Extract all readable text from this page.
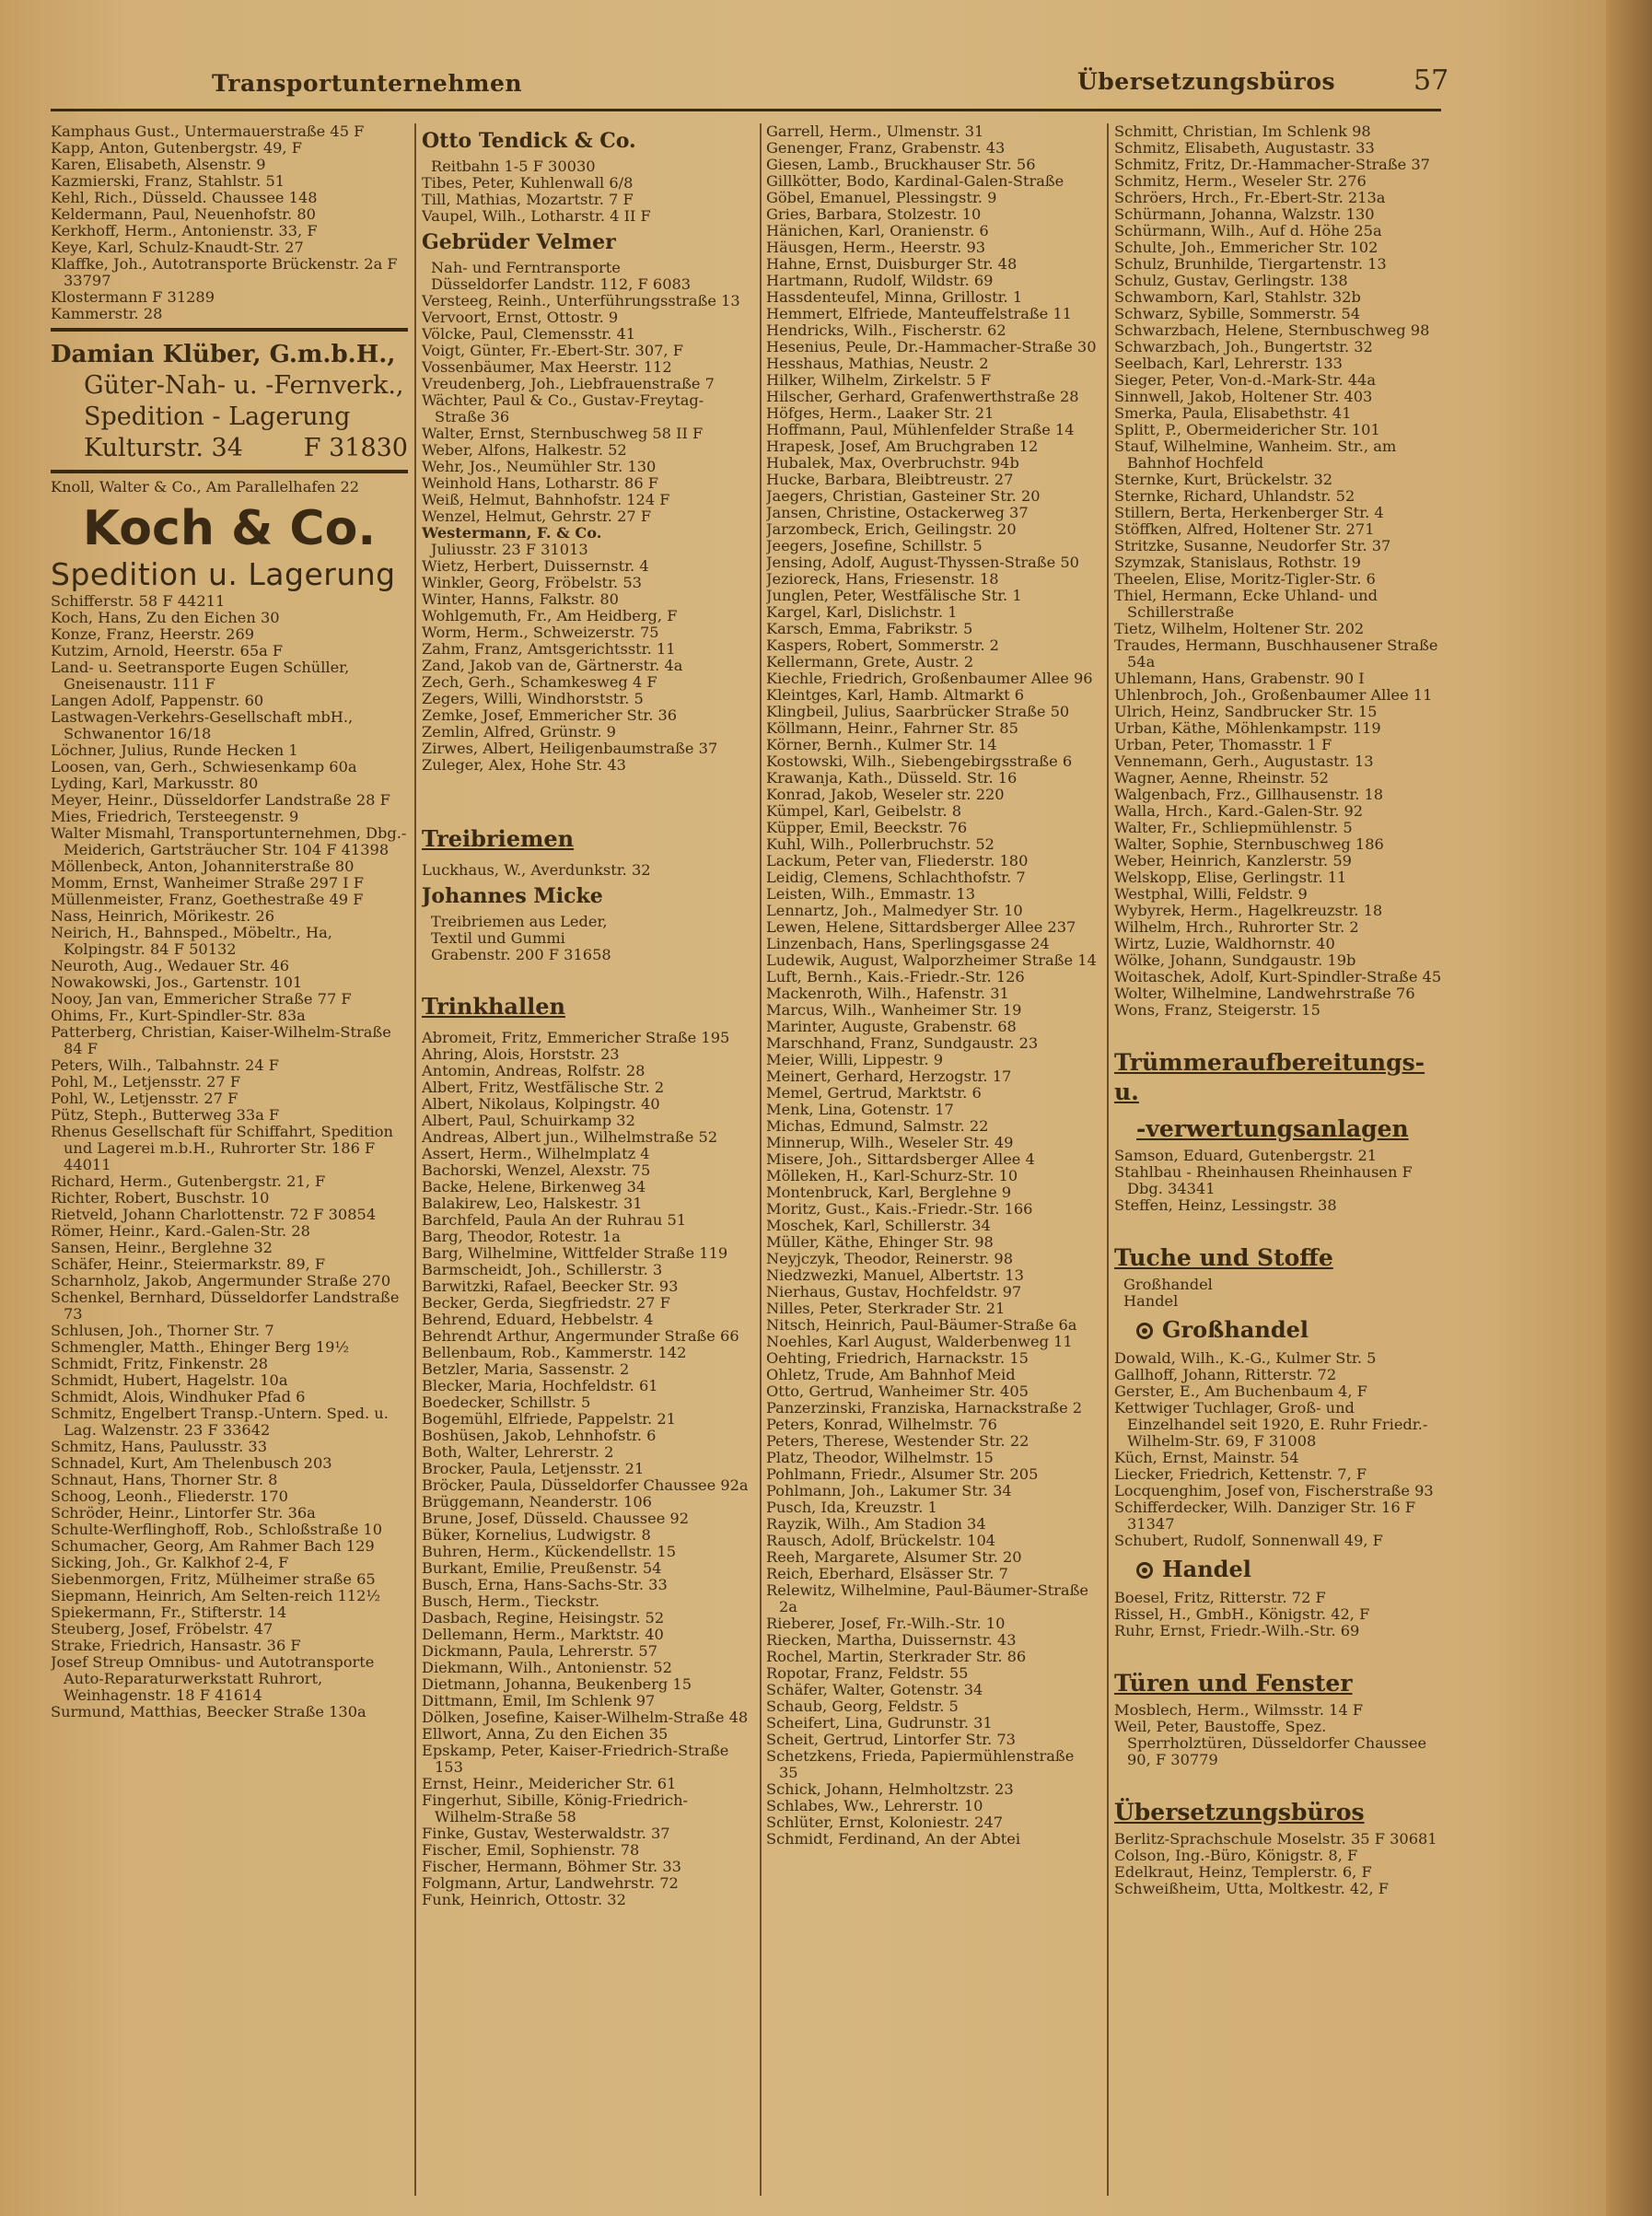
Transportunternehmen	Übersetzungsbüros	57
Kamphaus Gust., Untermauerstraße 45 F
Kapp, Anton, Gutenbergstr. 49, F
Karen, Elisabeth, Alsenstr. 9
Kazmierski, Franz, Stahlstr. 51
Kehl, Rich., Düsseld. Chaussee 148
Keldermann, Paul, Neuenhofstr. 80
Kerkhoff, Herm., Antonienstr. 33, F
Keye, Karl, Schulz-Knaudt-Str. 27
Klaffke, Joh., Autotransporte Brückenstr. 2a F 33797
Klostermann F 31289
Kammerstr. 28
Damian Klüber, G.m.b.H.,
Güter-Nah- u. -Fernverk.,
Spedition - Lagerung
Kulturstr. 34 F 31830
Knoll, Walter & Co., Am Parallelhafen 22
Koch & Co.
Spedition u. Lagerung
Schifferstr. 58 F 44211
Koch, Hans, Zu den Eichen 30
Konze, Franz, Heerstr. 269
Kutzim, Arnold, Heerstr. 65a F
Land- u. Seetransporte Eugen Schüller, Gneisenaustr. 111 F
Langen Adolf, Pappenstr. 60
Lastwagen-Verkehrs-Gesellschaft mbH., Schwanentor 16/18
Löchner, Julius, Runde Hecken 1
Loosen, van, Gerh., Schwiesenkamp 60a
Lyding, Karl, Markusstr. 80
Meyer, Heinr., Düsseldorfer Landstraße 28 F
Mies, Friedrich, Tersteegenstr. 9
Walter Mismahl, Transportunternehmen, Dbg.-Meiderich, Gartsträucher Str. 104 F 41398
Möllenbeck, Anton, Johanniterstraße 80
Momm, Ernst, Wanheimer Straße 297 I F
Müllenmeister, Franz, Goethestraße 49 F
Nass, Heinrich, Mörikestr. 26
Neirich, H., Bahnsped., Möbeltr., Ha, Kolpingstr. 84 F 50132
Neuroth, Aug., Wedauer Str. 46
Nowakowski, Jos., Gartenstr. 101
Nooy, Jan van, Emmericher Straße 77 F
Ohims, Fr., Kurt-Spindler-Str. 83a
Patterberg, Christian, Kaiser-Wilhelm-Straße 84 F
Peters, Wilh., Talbahnstr. 24 F
Pohl, M., Letjensstr. 27 F
Pohl, W., Letjensstr. 27 F
Pütz, Steph., Butterweg 33a F
Rhenus Gesellschaft für Schiffahrt, Spedition und Lagerei m.b.H., Ruhrorter Str. 186 F 44011
Richard, Herm., Gutenbergstr. 21, F
Richter, Robert, Buschstr. 10
Rietveld, Johann Charlottenstr. 72 F 30854
Römer, Heinr., Kard.-Galen-Str. 28
Sansen, Heinr., Berglehne 32
Schäfer, Heinr., Steiermarkstr. 89, F
Scharnholz, Jakob, Angermunder Straße 270
Schenkel, Bernhard, Düsseldorfer Landstraße 73
Schlusen, Joh., Thorner Str. 7
Schmengler, Matth., Ehinger Berg 19½
Schmidt, Fritz, Finkenstr. 28
Schmidt, Hubert, Hagelstr. 10a
Schmidt, Alois, Windhuker Pfad 6
Schmitz, Engelbert Transp.-Untern. Sped. u. Lag. Walzenstr. 23 F 33642
Schmitz, Hans, Paulusstr. 33
Schnadel, Kurt, Am Thelenbusch 203
Schnaut, Hans, Thorner Str. 8
Schoog, Leonh., Fliederstr. 170
Schröder, Heinr., Lintorfer Str. 36a
Schulte-Werflinghoff, Rob., Schloßstraße 10
Schumacher, Georg, Am Rahmer Bach 129
Sicking, Joh., Gr. Kalkhof 2-4, F
Siebenmorgen, Fritz, Mülheimer straße 65
Siepmann, Heinrich, Am Selten-reich 112½
Spiekermann, Fr., Stifterstr. 14
Steuberg, Josef, Fröbelstr. 47
Strake, Friedrich, Hansastr. 36 F
Josef Streup Omnibus- und Autotransporte Auto-Reparaturwerkstatt Ruhrort, Weinhagenstr. 18 F 41614
Surmund, Matthias, Beecker Straße 130a
Otto Tendick & Co.
Reitbahn 1-5 F 30030
Tibes, Peter, Kuhlenwall 6/8
Till, Mathias, Mozartstr. 7 F
Vaupel, Wilh., Lotharstr. 4 II F
Gebrüder Velmer
Nah- und Ferntransporte
Düsseldorfer Landstr. 112, F 6083
Versteeg, Reinh., Unterführungsstraße 13
Vervoort, Ernst, Ottostr. 9
Völcke, Paul, Clemensstr. 41
Voigt, Günter, Fr.-Ebert-Str. 307, F
Vossenbäumer, Max Heerstr. 112
Vreudenberg, Joh., Liebfrauenstraße 7
Wächter, Paul & Co., Gustav-Freytag-Straße 36
Walter, Ernst, Sternbuschweg 58 II F
Weber, Alfons, Halkestr. 52
Wehr, Jos., Neumühler Str. 130
Weinhold Hans, Lotharstr. 86 F
Weiß, Helmut, Bahnhofstr. 124 F
Wenzel, Helmut, Gehrstr. 27 F
Westermann, F. & Co.
Juliusstr. 23 F 31013
Wietz, Herbert, Duissernstr. 4
Winkler, Georg, Fröbelstr. 53
Winter, Hanns, Falkstr. 80
Wohlgemuth, Fr., Am Heidberg, F
Worm, Herm., Schweizerstr. 75
Zahm, Franz, Amtsgerichtsstr. 11
Zand, Jakob van de, Gärtnerstr. 4a
Zech, Gerh., Schamkesweg 4 F
Zegers, Willi, Windhorststr. 5
Zemke, Josef, Emmericher Str. 36
Zemlin, Alfred, Grünstr. 9
Zirwes, Albert, Heiligenbaumstraße 37
Zuleger, Alex, Hohe Str. 43
Treibriemen
Luckhaus, W., Averdunkstr. 32
Johannes Micke
Treibriemen aus Leder,
Textil und Gummi
Grabenstr. 200 F 31658
Trinkhallen
Abromeit, Fritz, Emmericher Straße 195
Ahring, Alois, Horststr. 23
Antomin, Andreas, Rolfstr. 28
Albert, Fritz, Westfälische Str. 2
Albert, Nikolaus, Kolpingstr. 40
Albert, Paul, Schuirkamp 32
Andreas, Albert jun., Wilhelmstraße 52
Assert, Herm., Wilhelmplatz 4
Bachorski, Wenzel, Alexstr. 75
Backe, Helene, Birkenweg 34
Balakirew, Leo, Halskestr. 31
Barchfeld, Paula An der Ruhrau 51
Barg, Theodor, Rotestr. 1a
Barg, Wilhelmine, Wittfelder Straße 119
Barmscheidt, Joh., Schillerstr. 3
Barwitzki, Rafael, Beecker Str. 93
Becker, Gerda, Siegfriedstr. 27 F
Behrend, Eduard, Hebbelstr. 4
Behrendt Arthur, Angermunder Straße 66
Bellenbaum, Rob., Kammerstr. 142
Betzler, Maria, Sassenstr. 2
Blecker, Maria, Hochfeldstr. 61
Boedecker, Schillstr. 5
Bogemühl, Elfriede, Pappelstr. 21
Boshüsen, Jakob, Lehnhofstr. 6
Both, Walter, Lehrerstr. 2
Brocker, Paula, Letjensstr. 21
Bröcker, Paula, Düsseldorfer Chaussee 92a
Brüggemann, Neanderstr. 106
Brune, Josef, Düsseld. Chaussee 92
Büker, Kornelius, Ludwigstr. 8
Buhren, Herm., Kückendellstr. 15
Burkant, Emilie, Preußenstr. 54
Busch, Erna, Hans-Sachs-Str. 33
Busch, Herm., Tieckstr.
Dasbach, Regine, Heisingstr. 52
Dellemann, Herm., Marktstr. 40
Dickmann, Paula, Lehrerstr. 57
Diekmann, Wilh., Antonienstr. 52
Dietmann, Johanna, Beukenberg 15
Dittmann, Emil, Im Schlenk 97
Dölken, Josefine, Kaiser-Wilhelm-Straße 48
Ellwort, Anna, Zu den Eichen 35
Epskamp, Peter, Kaiser-Friedrich-Straße 153
Ernst, Heinr., Meidericher Str. 61
Fingerhut, Sibille, König-Friedrich-Wilhelm-Straße 58
Finke, Gustav, Westerwaldstr. 37
Fischer, Emil, Sophienstr. 78
Fischer, Hermann, Böhmer Str. 33
Folgmann, Artur, Landwehrstr. 72
Funk, Heinrich, Ottostr. 32
Garrell, Herm., Ulmenstr. 31
Genenger, Franz, Grabenstr. 43
Giesen, Lamb., Bruckhauser Str. 56
Gillkötter, Bodo, Kardinal-Galen-Straße
Göbel, Emanuel, Plessingstr. 9
Gries, Barbara, Stolzestr. 10
Hänichen, Karl, Oranienstr. 6
Häusgen, Herm., Heerstr. 93
Hahne, Ernst, Duisburger Str. 48
Hartmann, Rudolf, Wildstr. 69
Hassdenteufel, Minna, Grillostr. 1
Hemmert, Elfriede, Manteuffelstraße 11
Hendricks, Wilh., Fischerstr. 62
Hesenius, Peule, Dr.-Hammacher-Straße 30
Hesshaus, Mathias, Neustr. 2
Hilker, Wilhelm, Zirkelstr. 5 F
Hilscher, Gerhard, Grafenwerthstraße 28
Höfges, Herm., Laaker Str. 21
Hoffmann, Paul, Mühlenfelder Straße 14
Hrapesk, Josef, Am Bruchgraben 12
Hubalek, Max, Overbruchstr. 94b
Hucke, Barbara, Bleibtreustr. 27
Jaegers, Christian, Gasteiner Str. 20
Jansen, Christine, Ostackerweg 37
Jarzombeck, Erich, Geilingstr. 20
Jeegers, Josefine, Schillstr. 5
Jensing, Adolf, August-Thyssen-Straße 50
Jezioreck, Hans, Friesenstr. 18
Junglen, Peter, Westfälische Str. 1
Kargel, Karl, Dislichstr. 1
Karsch, Emma, Fabrikstr. 5
Kaspers, Robert, Sommerstr. 2
Kellermann, Grete, Austr. 2
Kiechle, Friedrich, Großenbaumer Allee 96
Kleintges, Karl, Hamb. Altmarkt 6
Klingbeil, Julius, Saarbrücker Straße 50
Köllmann, Heinr., Fahrner Str. 85
Körner, Bernh., Kulmer Str. 14
Kostowski, Wilh., Siebengebirgsstraße 6
Krawanja, Kath., Düsseld. Str. 16
Konrad, Jakob, Weseler str. 220
Kümpel, Karl, Geibelstr. 8
Küpper, Emil, Beeckstr. 76
Kuhl, Wilh., Pollerbruchstr. 52
Lackum, Peter van, Fliederstr. 180
Leidig, Clemens, Schlachthofstr. 7
Leisten, Wilh., Emmastr. 13
Lennartz, Joh., Malmedyer Str. 10
Lewen, Helene, Sittardsberger Allee 237
Linzenbach, Hans, Sperlingsgasse 24
Ludewik, August, Walporzheimer Straße 14
Luft, Bernh., Kais.-Friedr.-Str. 126
Mackenroth, Wilh., Hafenstr. 31
Marcus, Wilh., Wanheimer Str. 19
Marinter, Auguste, Grabenstr. 68
Marschhand, Franz, Sundgaustr. 23
Meier, Willi, Lippestr. 9
Meinert, Gerhard, Herzogstr. 17
Memel, Gertrud, Marktstr. 6
Menk, Lina, Gotenstr. 17
Michas, Edmund, Salmstr. 22
Minnerup, Wilh., Weseler Str. 49
Misere, Joh., Sittardsberger Allee 4
Mölleken, H., Karl-Schurz-Str. 10
Montenbruck, Karl, Berglehne 9
Moritz, Gust., Kais.-Friedr.-Str. 166
Moschek, Karl, Schillerstr. 34
Müller, Käthe, Ehinger Str. 98
Neyjczyk, Theodor, Reinerstr. 98
Niedzwezki, Manuel, Albertstr. 13
Nierhaus, Gustav, Hochfeldstr. 97
Nilles, Peter, Sterkrader Str. 21
Nitsch, Heinrich, Paul-Bäumer-Straße 6a
Noehles, Karl August, Walderbenweg 11
Oehting, Friedrich, Harnackstr. 15
Ohletz, Trude, Am Bahnhof Meid
Otto, Gertrud, Wanheimer Str. 405
Panzerzinski, Franziska, Harnackstraße 2
Peters, Konrad, Wilhelmstr. 76
Peters, Therese, Westender Str. 22
Platz, Theodor, Wilhelmstr. 15
Pohlmann, Friedr., Alsumer Str. 205
Pohlmann, Joh., Lakumer Str. 34
Pusch, Ida, Kreuzstr. 1
Rayzik, Wilh., Am Stadion 34
Rausch, Adolf, Brückelstr. 104
Reeh, Margarete, Alsumer Str. 20
Reich, Eberhard, Elsässer Str. 7
Relewitz, Wilhelmine, Paul-Bäumer-Straße 2a
Rieberer, Josef, Fr.-Wilh.-Str. 10
Riecken, Martha, Duissernstr. 43
Rochel, Martin, Sterkrader Str. 86
Ropotar, Franz, Feldstr. 55
Schäfer, Walter, Gotenstr. 34
Schaub, Georg, Feldstr. 5
Scheifert, Lina, Gudrunstr. 31
Scheit, Gertrud, Lintorfer Str. 73
Schetzkens, Frieda, Papiermühlenstraße 35
Schick, Johann, Helmholtzstr. 23
Schlabes, Ww., Lehrerstr. 10
Schlüter, Ernst, Koloniestr. 247
Schmidt, Ferdinand, An der Abtei
Schmitt, Christian, Im Schlenk 98
Schmitz, Elisabeth, Augustastr. 33
Schmitz, Fritz, Dr.-Hammacher-Straße 37
Schmitz, Herm., Weseler Str. 276
Schröers, Hrch., Fr.-Ebert-Str. 213a
Schürmann, Johanna, Walzstr. 130
Schürmann, Wilh., Auf d. Höhe 25a
Schulte, Joh., Emmericher Str. 102
Schulz, Brunhilde, Tiergartenstr. 13
Schulz, Gustav, Gerlingstr. 138
Schwamborn, Karl, Stahlstr. 32b
Schwarz, Sybille, Sommerstr. 54
Schwarzbach, Helene, Sternbuschweg 98
Schwarzbach, Joh., Bungertstr. 32
Seelbach, Karl, Lehrerstr. 133
Sieger, Peter, Von-d.-Mark-Str. 44a
Sinnwell, Jakob, Holtener Str. 403
Smerka, Paula, Elisabethstr. 41
Splitt, P., Obermeidericher Str. 101
Stauf, Wilhelmine, Wanheim. Str., am Bahnhof Hochfeld
Sternke, Kurt, Brückelstr. 32
Sternke, Richard, Uhlandstr. 52
Stillern, Berta, Herkenberger Str. 4
Stöffken, Alfred, Holtener Str. 271
Stritzke, Susanne, Neudorfer Str. 37
Szymzak, Stanislaus, Rothstr. 19
Theelen, Elise, Moritz-Tigler-Str. 6
Thiel, Hermann, Ecke Uhland- und Schillerstraße
Tietz, Wilhelm, Holtener Str. 202
Traudes, Hermann, Buschhausener Straße 54a
Uhlemann, Hans, Grabenstr. 90 I
Uhlenbroch, Joh., Großenbaumer Allee 11
Ulrich, Heinz, Sandbrucker Str. 15
Urban, Käthe, Möhlenkampstr. 119
Urban, Peter, Thomasstr. 1 F
Vennemann, Gerh., Augustastr. 13
Wagner, Aenne, Rheinstr. 52
Walgenbach, Frz., Gillhausenstr. 18
Walla, Hrch., Kard.-Galen-Str. 92
Walter, Fr., Schliepmühlenstr. 5
Walter, Sophie, Sternbuschweg 186
Weber, Heinrich, Kanzlerstr. 59
Welskopp, Elise, Gerlingstr. 11
Westphal, Willi, Feldstr. 9
Wybyrek, Herm., Hagelkreuzstr. 18
Wilhelm, Hrch., Ruhrorter Str. 2
Wirtz, Luzie, Waldhornstr. 40
Wölke, Johann, Sundgaustr. 19b
Woitaschek, Adolf, Kurt-Spindler-Straße 45
Wolter, Wilhelmine, Landwehrstraße 76
Wons, Franz, Steigerstr. 15
Trümmeraufbereitungs- u.
-verwertungsanlagen
Samson, Eduard, Gutenbergstr. 21
Stahlbau - Rheinhausen Rheinhausen F Dbg. 34341
Steffen, Heinz, Lessingstr. 38
Tuche und Stoffe
Großhandel
Handel
Großhandel
Dowald, Wilh., K.-G., Kulmer Str. 5
Gallhoff, Johann, Ritterstr. 72
Gerster, E., Am Buchenbaum 4, F
Kettwiger Tuchlager, Groß- und Einzelhandel seit 1920, E. Ruhr Friedr.-Wilhelm-Str. 69, F 31008
Küch, Ernst, Mainstr. 54
Liecker, Friedrich, Kettenstr. 7, F
Locquenghim, Josef von, Fischerstraße 93
Schifferdecker, Wilh. Danziger Str. 16 F 31347
Schubert, Rudolf, Sonnenwall 49, F
Handel
Boesel, Fritz, Ritterstr. 72 F
Rissel, H., GmbH., Königstr. 42, F
Ruhr, Ernst, Friedr.-Wilh.-Str. 69
Türen und Fenster
Mosblech, Herm., Wilmsstr. 14 F
Weil, Peter, Baustoffe, Spez. Sperrholztüren, Düsseldorfer Chaussee 90, F 30779
Übersetzungsbüros
Berlitz-Sprachschule Moselstr. 35 F 30681
Colson, Ing.-Büro, Königstr. 8, F
Edelkraut, Heinz, Templerstr. 6, F
Schweißheim, Utta, Moltkestr. 42, F
